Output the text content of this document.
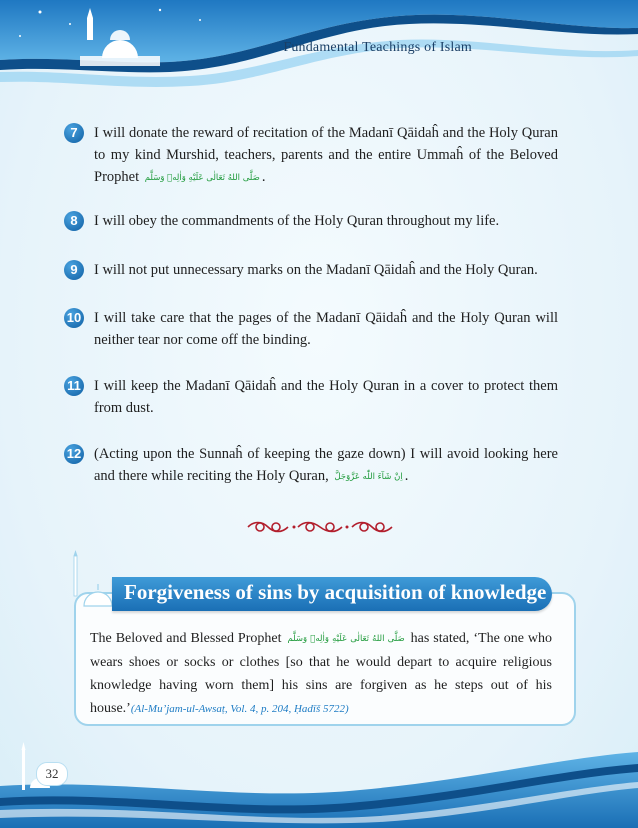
Fundamental Teachings of Islam
7	I will donate the reward of recitation of the Madanī Qāidaĥ and the Holy Quran to my kind Murshid, teachers, parents and the entire Ummaĥ of the Beloved Prophet صَلَّى اللهُ تَعَالٰى عَلَيْهِ وَاٰلِهٖ وَسَلَّم .
8	I will obey the commandments of the Holy Quran throughout my life.
9	I will not put unnecessary marks on the Madanī Qāidaĥ and the Holy Quran.
10 I will take care that the pages of the Madanī Qāidaĥ and the Holy Quran will neither tear nor come off the binding.
11 I will keep the Madanī Qāidaĥ and the Holy Quran in a cover to protect them from dust.
12 (Acting upon the Sunnaĥ of keeping the gaze down) I will avoid looking here and there while reciting the Holy Quran, اِنْ شَآءَ اللّٰه عَزَّوَجَلَّ .
Forgiveness of sins by acquisition of knowledge
The Beloved and Blessed Prophet صَلَّى اللهُ تَعَالٰى عَلَيْهِ وَاٰلِهٖ وَسَلَّم has stated, ‘The one who wears shoes or socks or clothes [so that he would depart to acquire religious knowledge having worn them] his sins are forgiven as he steps out of his house.’(Al-Mu’jam-ul-Awsaṭ, Vol. 4, p. 204, Ḥadīš 5722)
32
